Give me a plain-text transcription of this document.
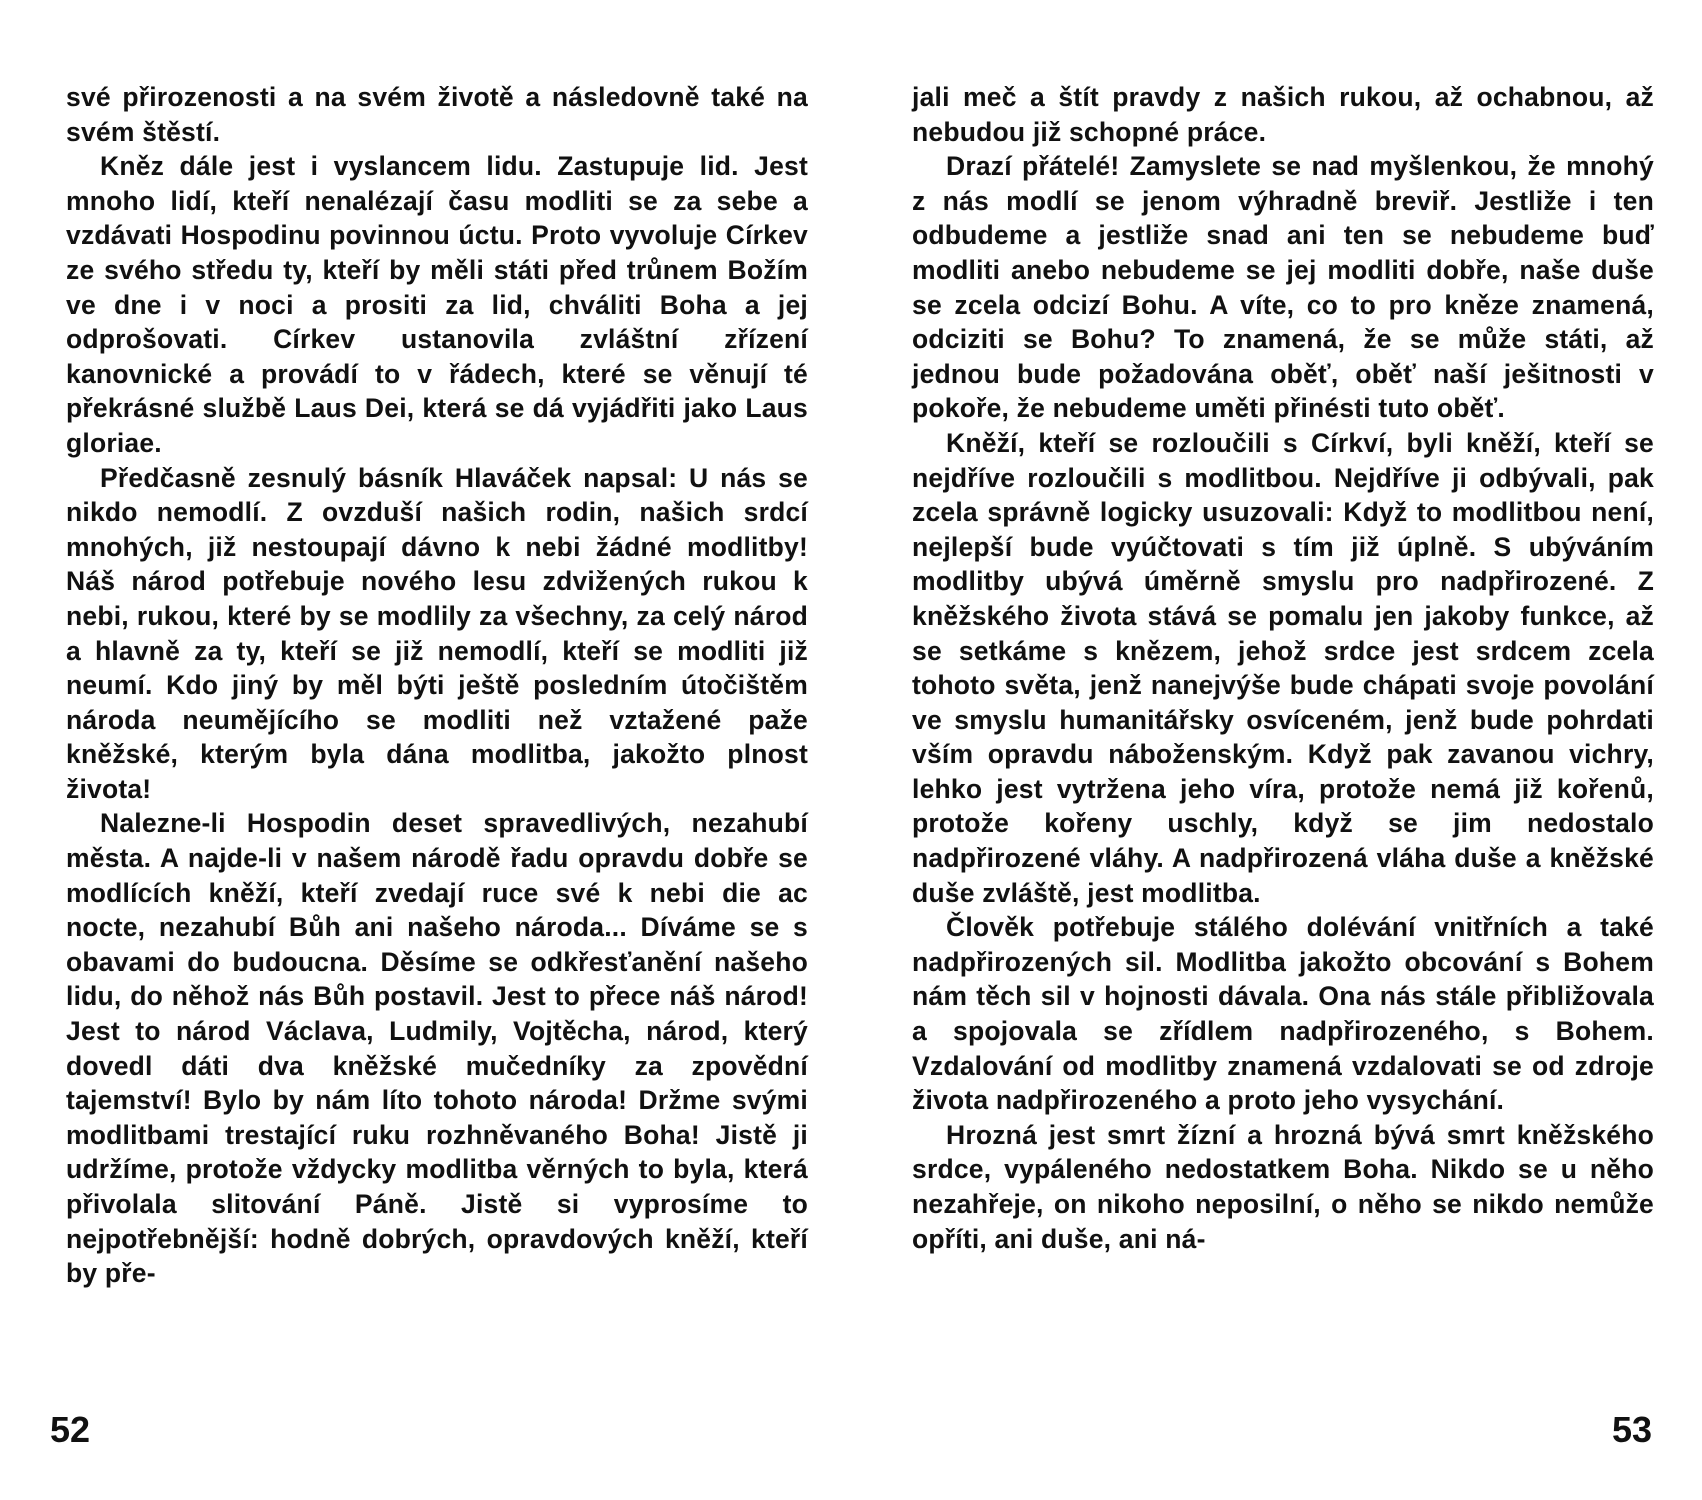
své přirozenosti a na svém životě a následovně také na svém štěstí.

Kněz dále jest i vyslancem lidu. Zastupuje lid. Jest mnoho lidí, kteří nenalézají času modliti se za sebe a vzdávati Hospodinu povinnou úctu. Proto vyvoluje Církev ze svého středu ty, kteří by měli státi před trůnem Božím ve dne i v noci a prositi za lid, chváliti Boha a jej odprošovati. Církev ustanovila zvláštní zřízení kanovnické a provádí to v řádech, které se věnují té překrásné službě Laus Dei, která se dá vyjádřiti jako Laus gloriae.

Předčasně zesnulý básník Hlaváček napsal: U nás se nikdo nemodlí. Z ovzduší našich rodin, našich srdcí mnohých, již nestoupají dávno k nebi žádné modlitby! Náš národ potřebuje nového lesu zdvižených rukou k nebi, rukou, které by se modlily za všechny, za celý národ a hlavně za ty, kteří se již nemodlí, kteří se modliti již neumí. Kdo jiný by měl býti ještě posledním útočištěm národa neumějícího se modliti než vztažené paže kněžské, kterým byla dána modlitba, jakožto plnost života!

Nalezne-li Hospodin deset spravedlivých, nezahubí města. A najde-li v našem národě řadu opravdu dobře se modlících kněží, kteří zvedají ruce své k nebi die ac nocte, nezahubí Bůh ani našeho národa... Díváme se s obavami do budoucna. Děsíme se odkřesťanění našeho lidu, do něhož nás Bůh postavil. Jest to přece náš národ! Jest to národ Václava, Ludmily, Vojtěcha, národ, který dovedl dáti dva kněžské mučedníky za zpovědní tajemství! Bylo by nám líto tohoto národa! Držme svými modlitbami trestající ruku rozhněvaného Boha! Jistě ji udržíme, protože vždycky modlitba věrných to byla, která přivolala slitování Páně. Jistě si vyprosíme to nejpotřebnější: hodně dobrých, opravdových kněží, kteří by pře-

jali meč a štít pravdy z našich rukou, až ochabnou, až nebudou již schopné práce.

Drazí přátelé! Zamyslete se nad myšlenkou, že mnohý z nás modlí se jenom výhradně breviř. Jestliže i ten odbudeme a jestliže snad ani ten se nebudeme buď modliti anebo nebudeme se jej modliti dobře, naše duše se zcela odcizí Bohu. A víte, co to pro kněze znamená, odciziti se Bohu? To znamená, že se může státi, až jednou bude požadována oběť, oběť naší ješitnosti v pokoře, že nebudeme uměti přinésti tuto oběť.

Kněží, kteří se rozloučili s Církví, byli kněží, kteří se nejdříve rozloučili s modlitbou. Nejdříve ji odbývali, pak zcela správně logicky usuzovali: Když to modlitbou není, nejlepší bude vyúčtovati s tím již úplně. S ubýváním modlitby ubývá úměrně smyslu pro nadpřirozené. Z kněžského života stává se pomalu jen jakoby funkce, až se setkáme s knězem, jehož srdce jest srdcem zcela tohoto světa, jenž nanejvýše bude chápati svoje povolání ve smyslu humanitářsky osvíceném, jenž bude pohrdati vším opravdu náboženským. Když pak zavanou vichry, lehko jest vytržena jeho víra, protože nemá již kořenů, protože kořeny uschly, když se jim nedostalo nadpřirozené vláhy. A nadpřirozená vláha duše a kněžské duše zvláště, jest modlitba.

Člověk potřebuje stálého dolévání vnitřních a také nadpřirozených sil. Modlitba jakožto obcování s Bohem nám těch sil v hojnosti dávala. Ona nás stále přibližovala a spojovala se zřídlem nadpřirozeného, s Bohem. Vzdalování od modlitby znamená vzdalovati se od zdroje života nadpřirozeného a proto jeho vysychání.

Hrozná jest smrt žízní a hrozná bývá smrt kněžského srdce, vypáleného nedostatkem Boha. Nikdo se u něho nezahřeje, on nikoho neposilní, o něho se nikdo nemůže opříti, ani duše, ani ná-

52	53
